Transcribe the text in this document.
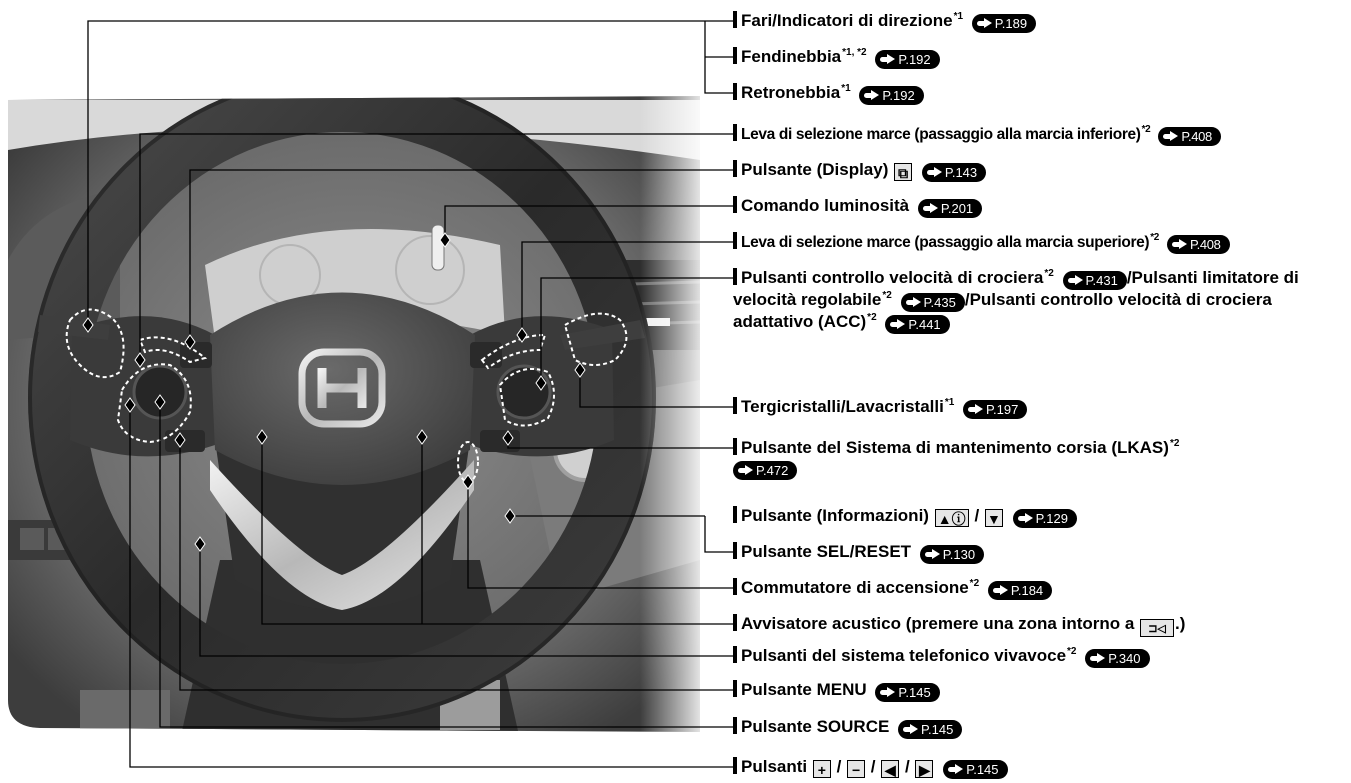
Fari/Indicatori di direzione$^{*1}$ P. 189
Fendinebbia$^{*1, *2}$ P. 192
Retronebbia$^{*1}$ P. 192
Leva di selezione marce (passaggio alla marcia inferiore)$^{*2}$ P. 408
Pulsante (Display) ⧉	P. 143
Comando luminosità P. 201
Leva di selezione marce (passaggio alla marcia superiore)$^{*2}$ P. 408
Pulsanti controllo velocità di crociera$^{*2}$ P. 431 /Pulsanti limitatore di velocità regolabile$^{*2}$ P. 435 /Pulsanti controllo velocità di crociera adattativo (ACC)$^{*2}$ P. 441
Tergicristalli/Lavacristalli$^{*1}$ P. 197
Pulsante del Sistema di mantenimento corsia (LKAS)$^{*2}$

P. 472
Pulsante (Informazioni) ▲ⓘ / ▼	P. 129
Pulsante SEL/RESET P. 130
Commutatore di accensione$^{*2}$ P. 184
Avvisatore acustico (premere una zona intorno a ⊐◁ .)
Pulsanti del sistema telefonico vivavoce$^{*2}$ P. 340
Pulsante MENU P. 145
Pulsante SOURCE P. 145
Pulsanti + / − / ◀ / ▶	P. 145
